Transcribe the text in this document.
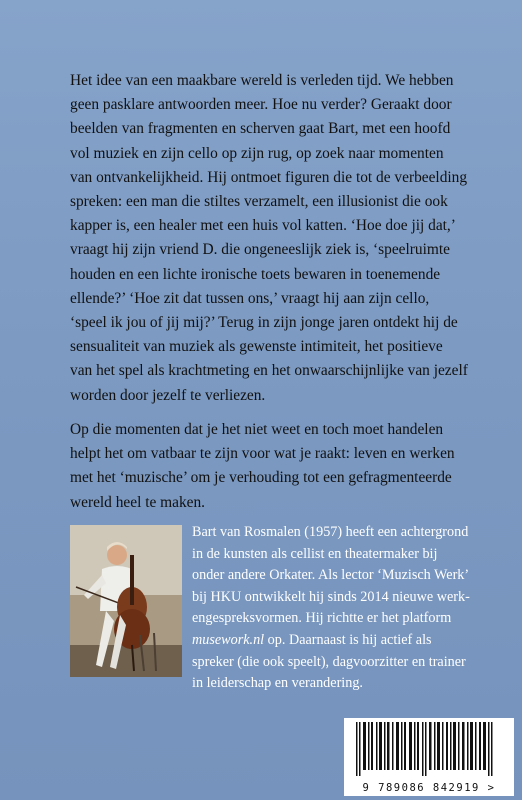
Het idee van een maakbare wereld is verleden tijd. We hebben geen pasklare antwoorden meer. Hoe nu verder? Geraakt door beelden van fragmenten en scherven gaat Bart, met een hoofd vol muziek en zijn cello op zijn rug, op zoek naar momenten van ontvankelijkheid. Hij ontmoet figuren die tot de verbeelding spreken: een man die stiltes verzamelt, een illusionist die ook kapper is, een healer met een huis vol katten. ‘Hoe doe jij dat,’ vraagt hij zijn vriend D. die ongeneeslijk ziek is, ‘speelruimte houden en een lichte ironische toets bewaren in toenemende ellende?’ ‘Hoe zit dat tussen ons,’ vraagt hij aan zijn cello, ‘speel ik jou of jij mij?’ Terug in zijn jonge jaren ontdekt hij de sensualiteit van muziek als gewenste intimiteit, het positieve van het spel als krachtmeting en het onwaarschijnlijke van jezelf worden door jezelf te verliezen.

Op die momenten dat je het niet weet en toch moet handelen helpt het om vatbaar te zijn voor wat je raakt: leven en werken met het ‘muzische’ om je verhouding tot een gefragmenteerde wereld heel te maken.

Bart van Rosmalen (1957) heeft een achtergrond in de kunsten als cellist en theatermaker bij onder andere Orkater. Als lector ‘Muzisch Werk’ bij HKU ontwikkelt hij sinds 2014 nieuwe werkengespreksvormen. Hij richtte er het platform musework.nl op. Daarnaast is hij actief als spreker (die ook speelt), dagvoorzitter en trainer in leiderschap en verandering.
9 789086 842919 >
